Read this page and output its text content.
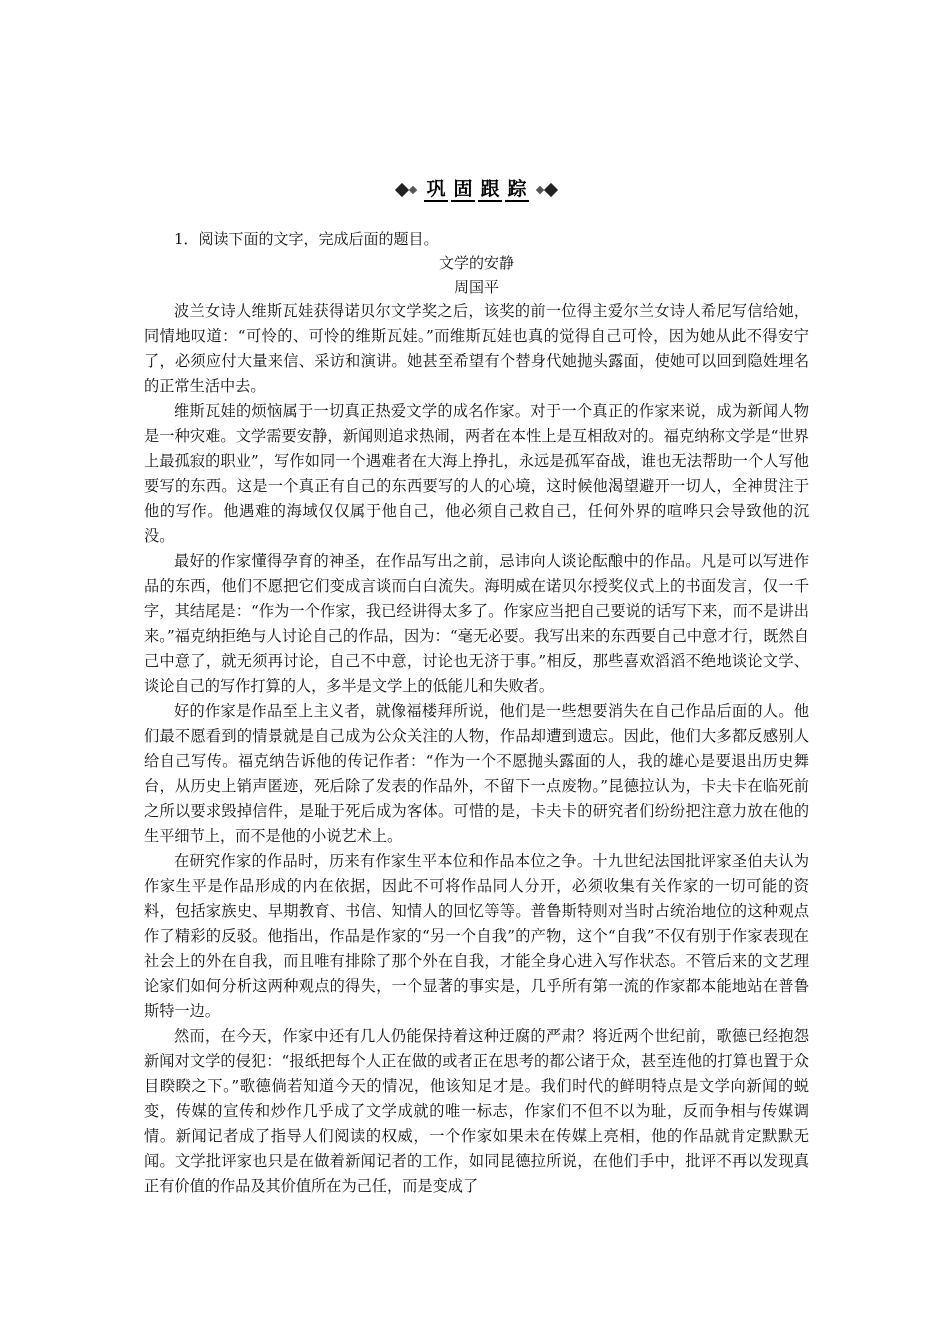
巩 固 跟 踪
1．阅读下面的文字，完成后面的题目。
文学的安静
周国平

波兰女诗人维斯瓦娃获得诺贝尔文学奖之后，该奖的前一位得主爱尔兰女诗人希尼写信给她，同情地叹道：“可怜的、可怜的维斯瓦娃。”而维斯瓦娃也真的觉得自己可怜，因为她从此不得安宁了，必须应付大量来信、采访和演讲。她甚至希望有个替身代她抛头露面，使她可以回到隐姓埋名的正常生活中去。

维斯瓦娃的烦恼属于一切真正热爱文学的成名作家。对于一个真正的作家来说，成为新闻人物是一种灾难。文学需要安静，新闻则追求热闹，两者在本性上是互相敌对的。福克纳称文学是“世界上最孤寂的职业”，写作如同一个遇难者在大海上挣扎，永远是孤军奋战，谁也无法帮助一个人写他要写的东西。这是一个真正有自己的东西要写的人的心境，这时候他渴望避开一切人，全神贯注于他的写作。他遇难的海域仅仅属于他自己，他必须自己救自己，任何外界的喧哗只会导致他的沉没。

最好的作家懂得孕育的神圣，在作品写出之前，忌讳向人谈论酝酿中的作品。凡是可以写进作品的东西，他们不愿把它们变成言谈而白白流失。海明威在诺贝尔授奖仪式上的书面发言，仅一千字，其结尾是：“作为一个作家，我已经讲得太多了。作家应当把自己要说的话写下来，而不是讲出来。”福克纳拒绝与人讨论自己的作品，因为：“毫无必要。我写出来的东西要自己中意才行，既然自己中意了，就无须再讨论，自己不中意，讨论也无济于事。”相反，那些喜欢滔滔不绝地谈论文学、谈论自己的写作打算的人，多半是文学上的低能儿和失败者。

好的作家是作品至上主义者，就像福楼拜所说，他们是一些想要消失在自己作品后面的人。他们最不愿看到的情景就是自己成为公众关注的人物，作品却遭到遗忘。因此，他们大多都反感别人给自己写传。福克纳告诉他的传记作者：“作为一个不愿抛头露面的人，我的雄心是要退出历史舞台，从历史上销声匿迹，死后除了发表的作品外，不留下一点废物。”昆德拉认为，卡夫卡在临死前之所以要求毁掉信件，是耻于死后成为客体。可惜的是，卡夫卡的研究者们纷纷把注意力放在他的生平细节上，而不是他的小说艺术上。

在研究作家的作品时，历来有作家生平本位和作品本位之争。十九世纪法国批评家圣伯夫认为作家生平是作品形成的内在依据，因此不可将作品同人分开，必须收集有关作家的一切可能的资料，包括家族史、早期教育、书信、知情人的回忆等等。普鲁斯特则对当时占统治地位的这种观点作了精彩的反驳。他指出，作品是作家的“另一个自我”的产物，这个“自我”不仅有别于作家表现在社会上的外在自我，而且唯有排除了那个外在自我，才能全身心进入写作状态。不管后来的文艺理论家们如何分析这两种观点的得失，一个显著的事实是，几乎所有第一流的作家都本能地站在普鲁斯特一边。

然而，在今天，作家中还有几人仍能保持着这种迂腐的严肃？将近两个世纪前，歌德已经抱怨新闻对文学的侵犯：“报纸把每个人正在做的或者正在思考的都公诸于众，甚至连他的打算也置于众目睽睽之下。”歌德倘若知道今天的情况，他该知足才是。我们时代的鲜明特点是文学向新闻的蜕变，传媒的宣传和炒作几乎成了文学成就的唯一标志，作家们不但不以为耻，反而争相与传媒调情。新闻记者成了指导人们阅读的权威，一个作家如果未在传媒上亮相，他的作品就肯定默默无闻。文学批评家也只是在做着新闻记者的工作，如同昆德拉所说，在他们手中，批评不再以发现真正有价值的作品及其价值所在为己任，而是变成了
